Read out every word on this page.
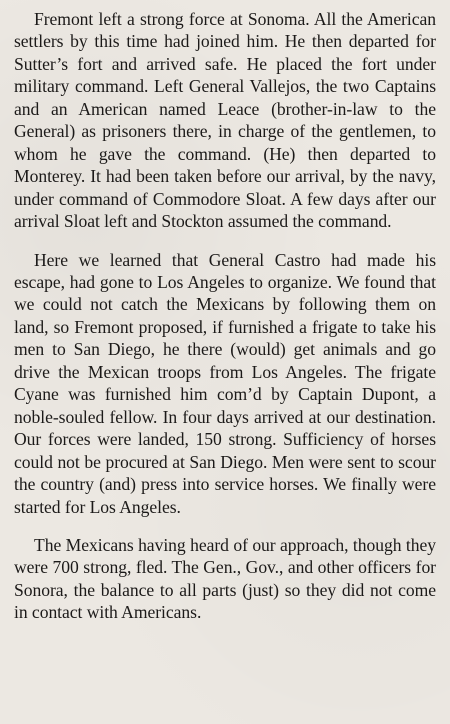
Fremont left a strong force at Sonoma. All the American settlers by this time had joined him. He then departed for Sutter’s fort and arrived safe. He placed the fort under military command. Left General Vallejos, the two Captains and an American named Leace (brother-in-law to the General) as prisoners there, in charge of the gentlemen, to whom he gave the command. (He) then departed to Monterey. It had been taken before our arrival, by the navy, under command of Commodore Sloat. A few days after our arrival Sloat left and Stockton assumed the command.

Here we learned that General Castro had made his escape, had gone to Los Angeles to organize. We found that we could not catch the Mexicans by following them on land, so Fremont proposed, if furnished a frigate to take his men to San Diego, he there (would) get animals and go drive the Mexican troops from Los Angeles. The frigate Cyane was furnished him com’d by Captain Dupont, a noble-souled fellow. In four days arrived at our destination. Our forces were landed, 150 strong. Sufficiency of horses could not be procured at San Diego. Men were sent to scour the country (and) press into service horses. We finally were started for Los Angeles.

The Mexicans having heard of our approach, though they were 700 strong, fled. The Gen., Gov., and other officers for Sonora, the balance to all parts (just) so they did not come in contact with Americans.
